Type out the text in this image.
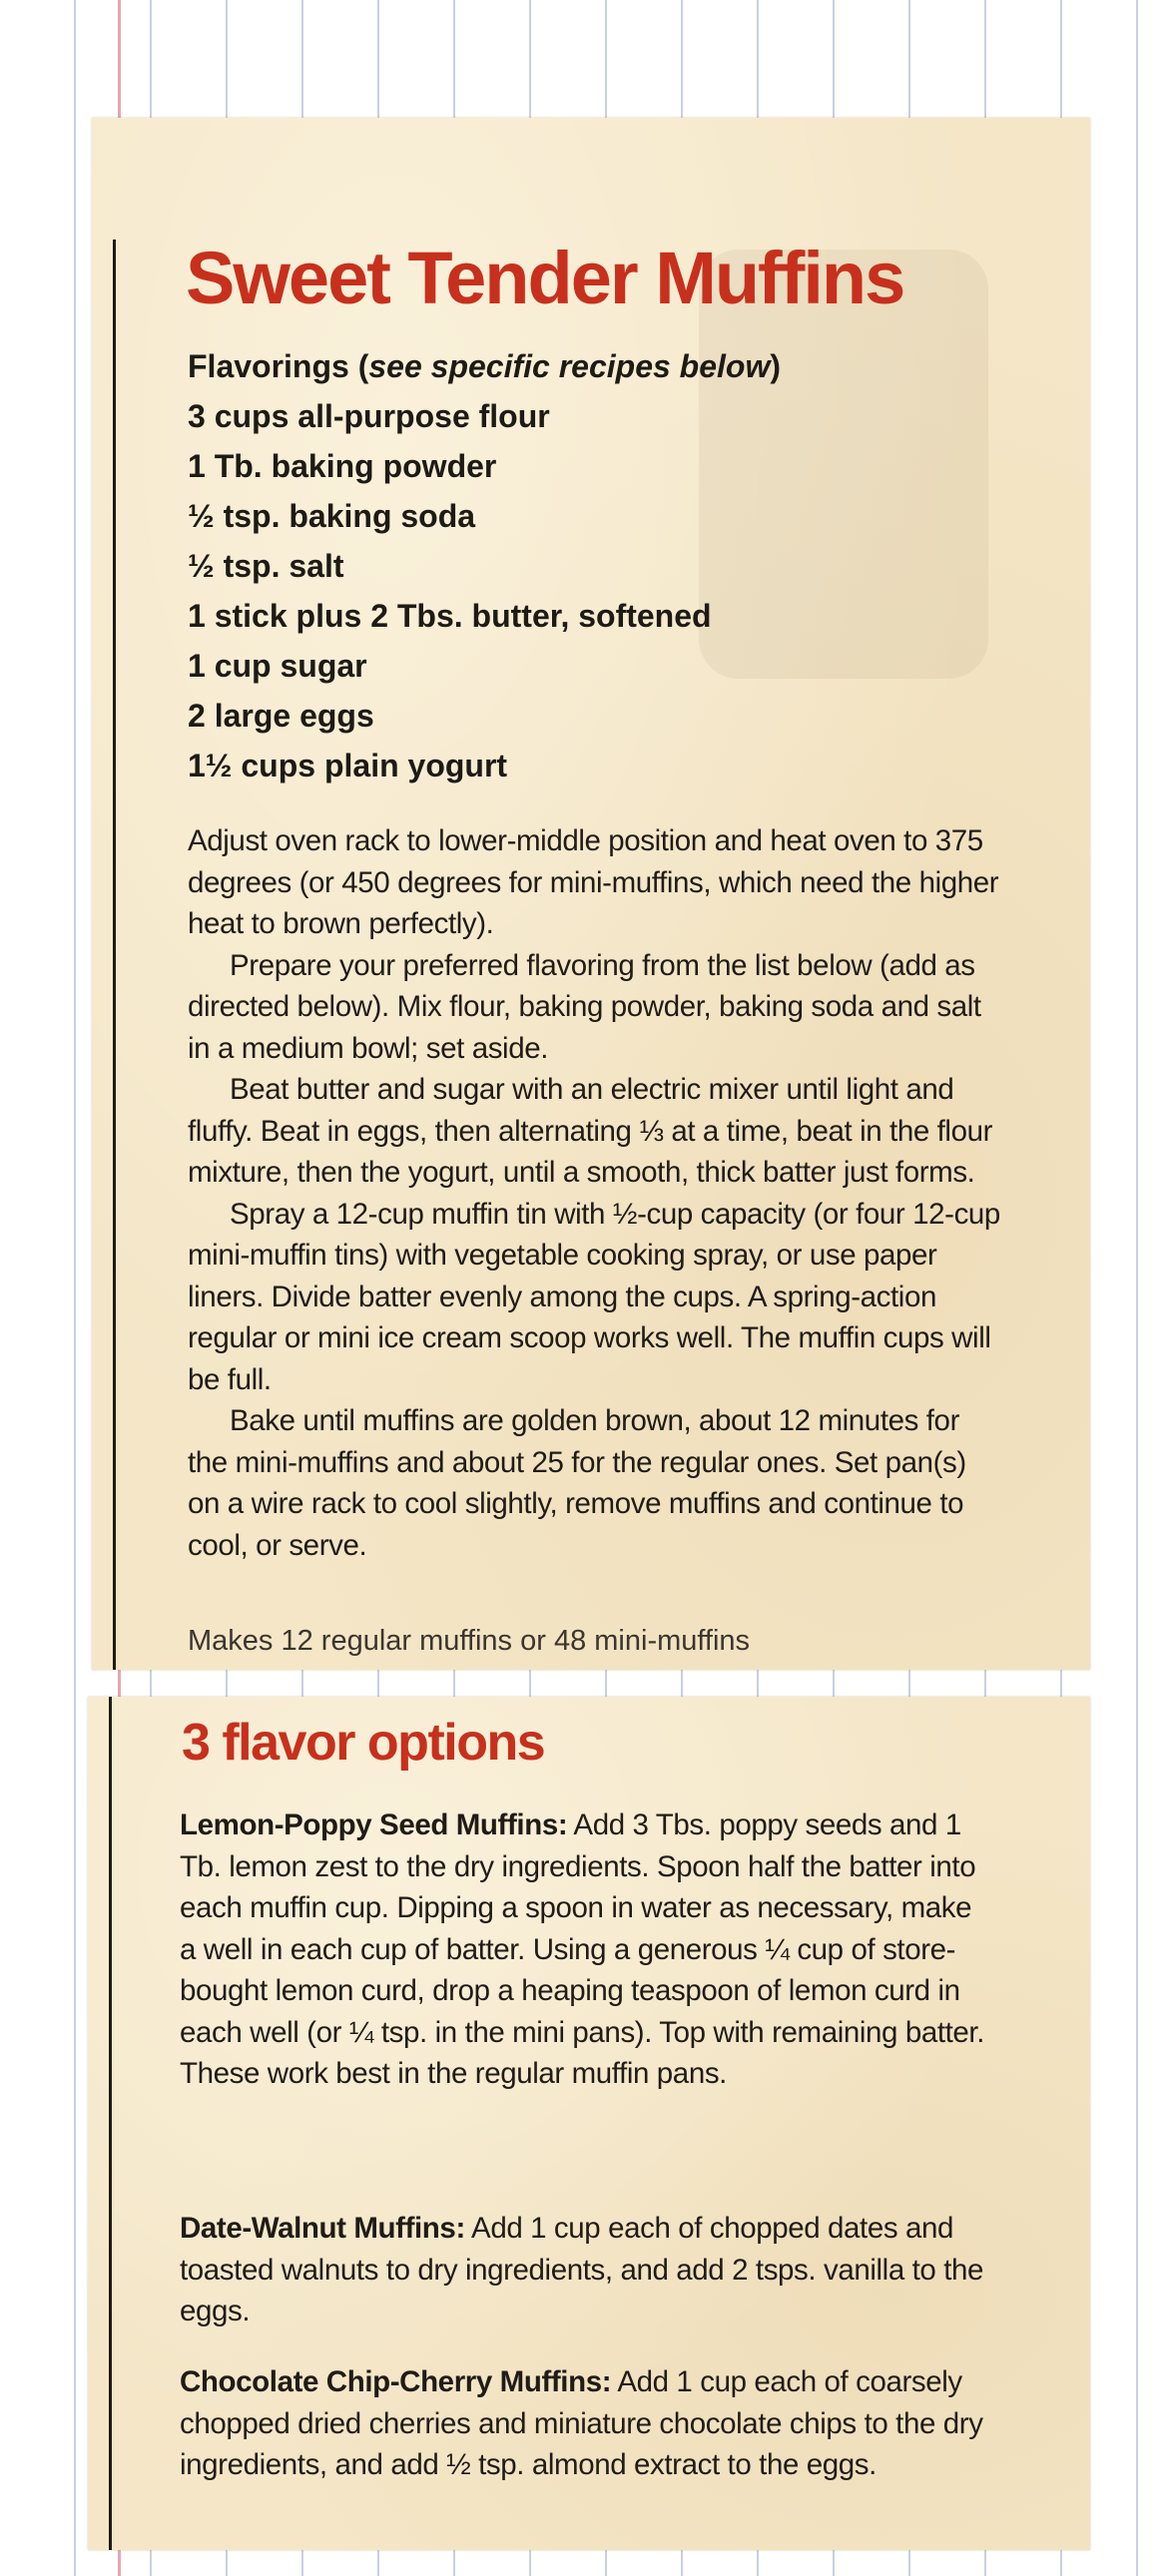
Sweet Tender Muffins
Flavorings (see specific recipes below)
3 cups all-purpose flour
1 Tb. baking powder
½ tsp. baking soda
½ tsp. salt
1 stick plus 2 Tbs. butter, softened
1 cup sugar
2 large eggs
1½ cups plain yogurt

Adjust oven rack to lower-middle position and heat oven to 375 degrees (or 450 degrees for mini-muffins, which need the higher heat to brown perfectly).

Prepare your preferred flavoring from the list below (add as directed below). Mix flour, baking powder, baking soda and salt in a medium bowl; set aside.

Beat butter and sugar with an electric mixer until light and fluffy. Beat in eggs, then alternating ⅓ at a time, beat in the flour mixture, then the yogurt, until a smooth, thick batter just forms.

Spray a 12-cup muffin tin with ½-cup capacity (or four 12-cup mini-muffin tins) with vegetable cooking spray, or use paper liners. Divide batter evenly among the cups. A spring-action regular or mini ice cream scoop works well. The muffin cups will be full.

Bake until muffins are golden brown, about 12 minutes for the mini-muffins and about 25 for the regular ones. Set pan(s) on a wire rack to cool slightly, remove muffins and continue to cool, or serve.

Makes 12 regular muffins or 48 mini-muffins

3 flavor options

Lemon-Poppy Seed Muffins: Add 3 Tbs. poppy seeds and 1 Tb. lemon zest to the dry ingredients. Spoon half the batter into each muffin cup. Dipping a spoon in water as necessary, make a well in each cup of batter. Using a generous ¼ cup of store-bought lemon curd, drop a heaping teaspoon of lemon curd in each well (or ¼ tsp. in the mini pans). Top with remaining batter. These work best in the regular muffin pans.

Date-Walnut Muffins: Add 1 cup each of chopped dates and toasted walnuts to dry ingredients, and add 2 tsps. vanilla to the eggs.

Chocolate Chip-Cherry Muffins: Add 1 cup each of coarsely chopped dried cherries and miniature chocolate chips to the dry ingredients, and add ½ tsp. almond extract to the eggs.
